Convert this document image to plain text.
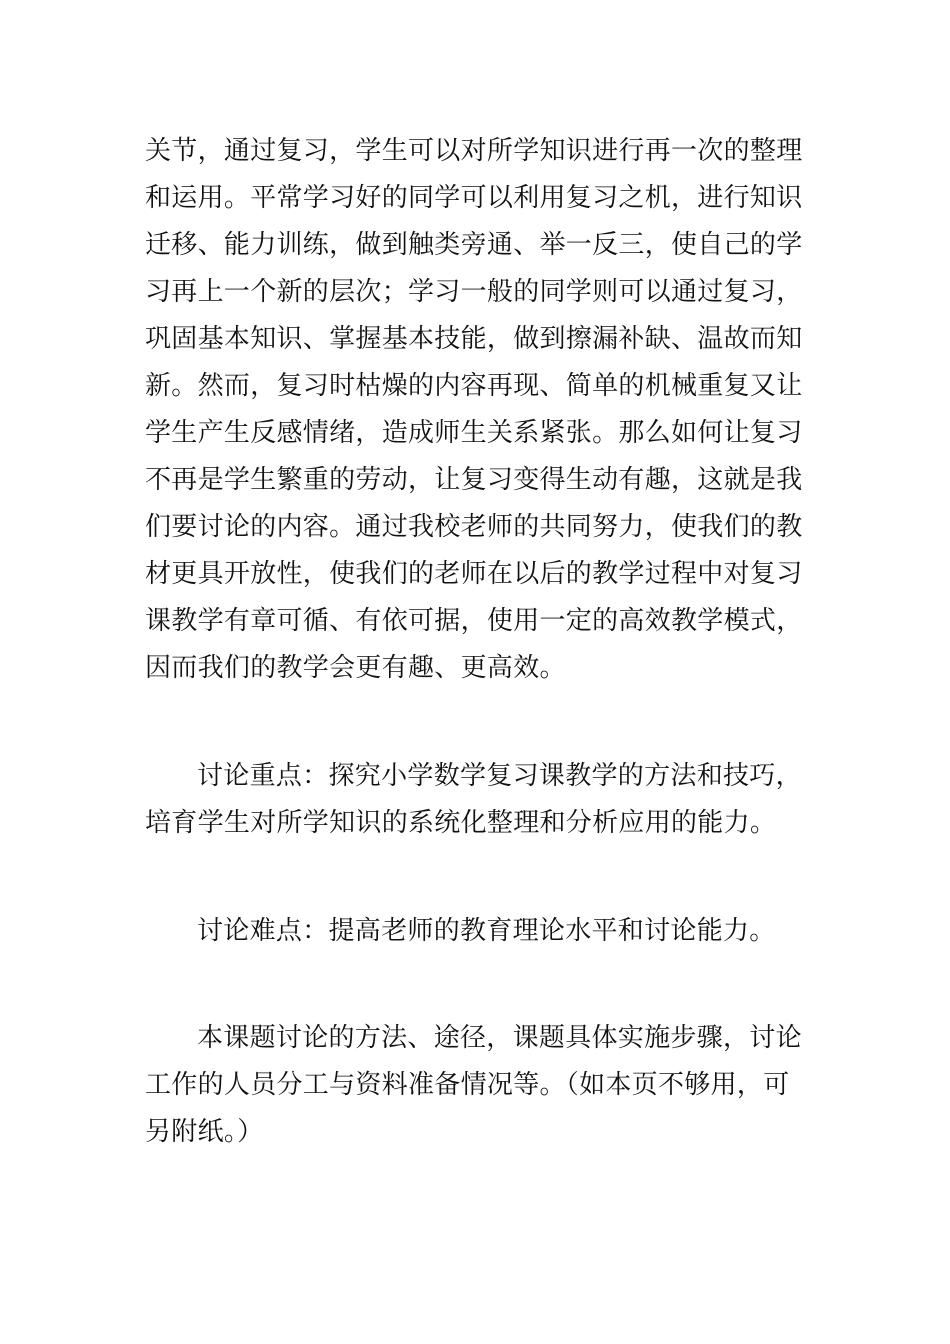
关节，通过复习，学生可以对所学知识进行再一次的整理
和运用。平常学习好的同学可以利用复习之机，进行知识
迁移、能力训练，做到触类旁通、举一反三，使自己的学
习再上一个新的层次；学习一般的同学则可以通过复习，
巩固基本知识、掌握基本技能，做到擦漏补缺、温故而知
新。然而，复习时枯燥的内容再现、简单的机械重复又让
学生产生反感情绪，造成师生关系紧张。那么如何让复习
不再是学生繁重的劳动，让复习变得生动有趣，这就是我
们要讨论的内容。通过我校老师的共同努力，使我们的教
材更具开放性，使我们的老师在以后的教学过程中对复习
课教学有章可循、有依可据，使用一定的高效教学模式，
因而我们的教学会更有趣、更高效。
讨论重点：探究小学数学复习课教学的方法和技巧，
培育学生对所学知识的系统化整理和分析应用的能力。
讨论难点：提高老师的教育理论水平和讨论能力。
本课题讨论的方法、途径，课题具体实施步骤，讨论
工作的人员分工与资料准备情况等。（如本页不够用，可
另附纸。）
